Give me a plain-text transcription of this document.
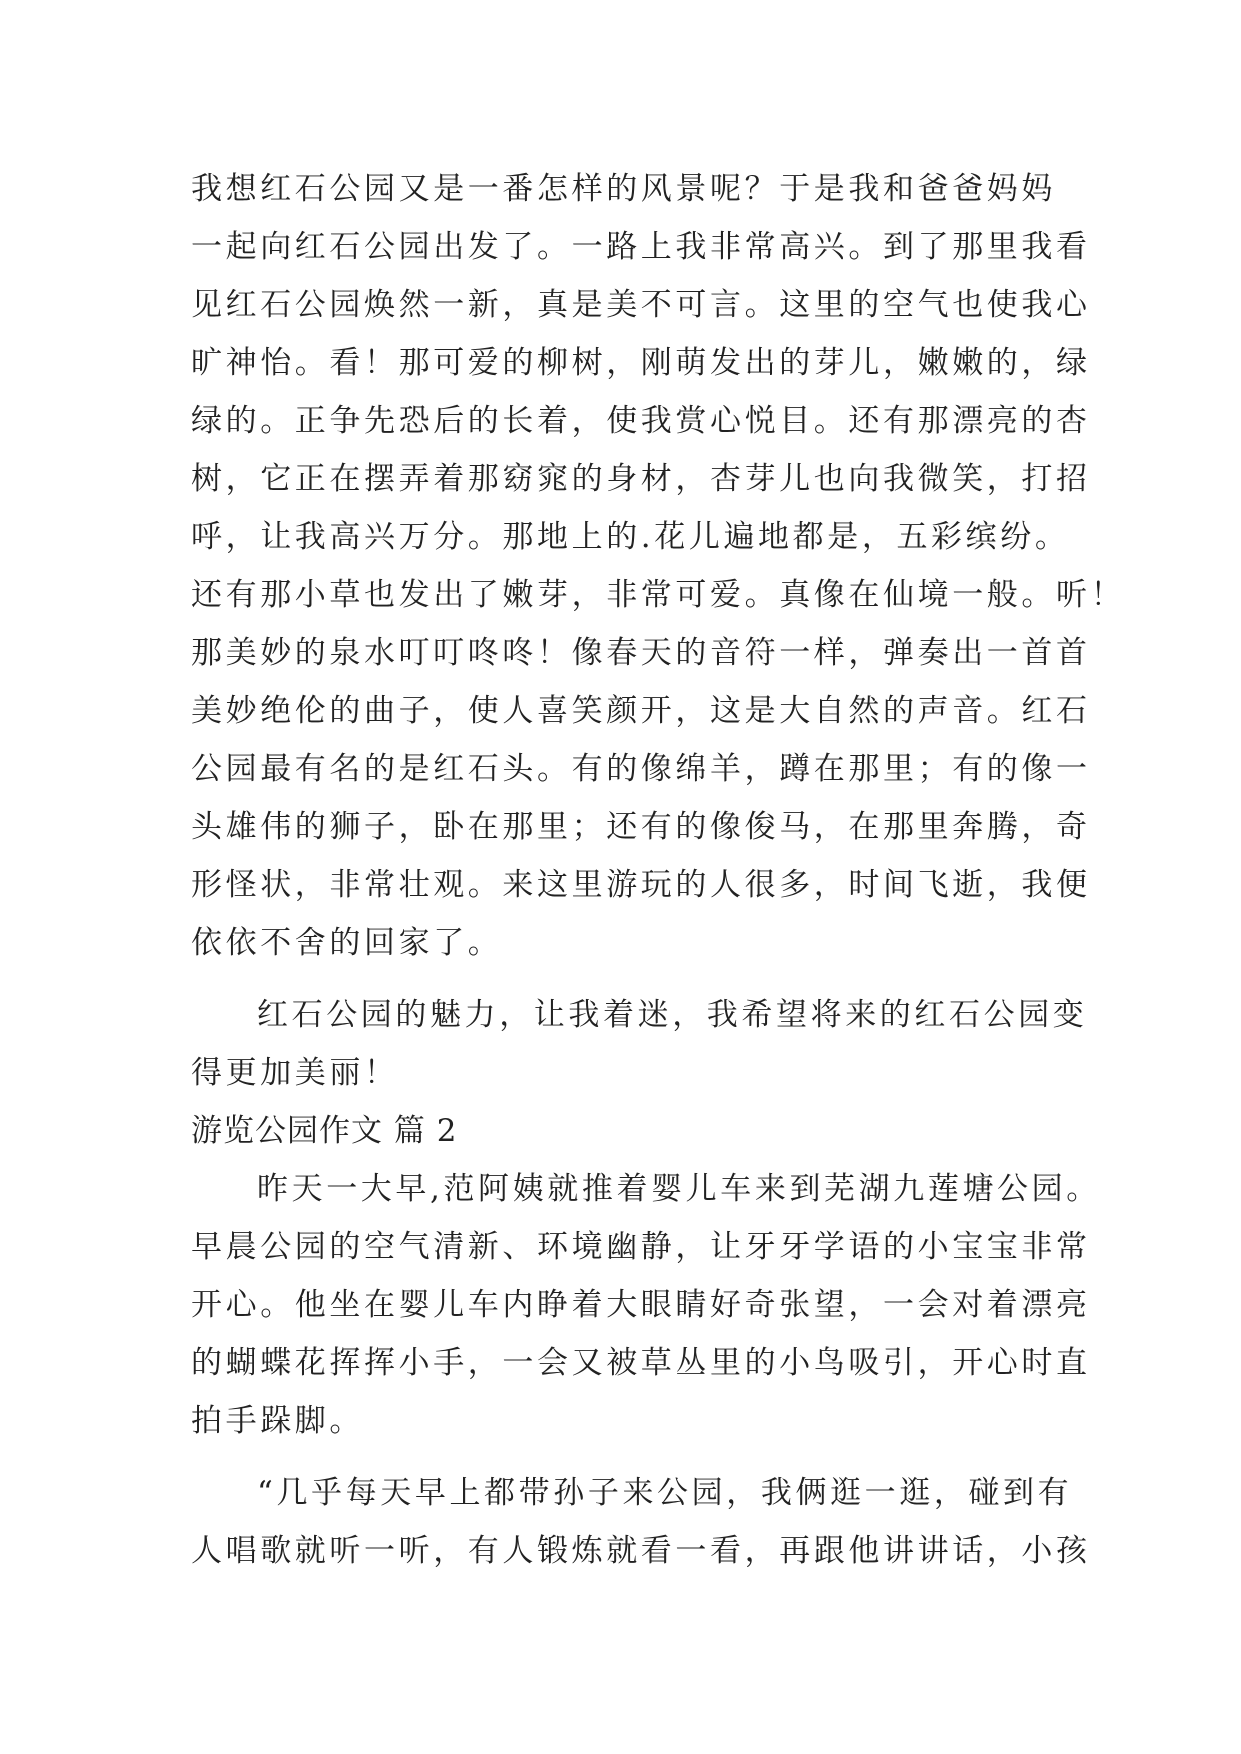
我想红石公园又是一番怎样的风景呢？于是我和爸爸妈妈
一起向红石公园出发了。一路上我非常高兴。到了那里我看
见红石公园焕然一新，真是美不可言。这里的空气也使我心
旷神怡。看！那可爱的柳树，刚萌发出的芽儿，嫩嫩的，绿
绿的。正争先恐后的长着，使我赏心悦目。还有那漂亮的杏
树，它正在摆弄着那窈窕的身材，杏芽儿也向我微笑，打招
呼，让我高兴万分。那地上的.花儿遍地都是，五彩缤纷。
还有那小草也发出了嫩芽，非常可爱。真像在仙境一般。听！
那美妙的泉水叮叮咚咚！像春天的音符一样，弹奏出一首首
美妙绝伦的曲子，使人喜笑颜开，这是大自然的声音。红石
公园最有名的是红石头。有的像绵羊，蹲在那里；有的像一
头雄伟的狮子，卧在那里；还有的像俊马，在那里奔腾，奇
形怪状，非常壮观。来这里游玩的人很多，时间飞逝，我便
依依不舍的回家了。
红石公园的魅力，让我着迷，我希望将来的红石公园变
得更加美丽！
游览公园作文 篇 2
昨天一大早,范阿姨就推着婴儿车来到芜湖九莲塘公园。
早晨公园的空气清新、环境幽静，让牙牙学语的小宝宝非常
开心。他坐在婴儿车内睁着大眼睛好奇张望，一会对着漂亮
的蝴蝶花挥挥小手，一会又被草丛里的小鸟吸引，开心时直
拍手跺脚。
“几乎每天早上都带孙子来公园，我俩逛一逛，碰到有
人唱歌就听一听，有人锻炼就看一看，再跟他讲讲话，小孩
